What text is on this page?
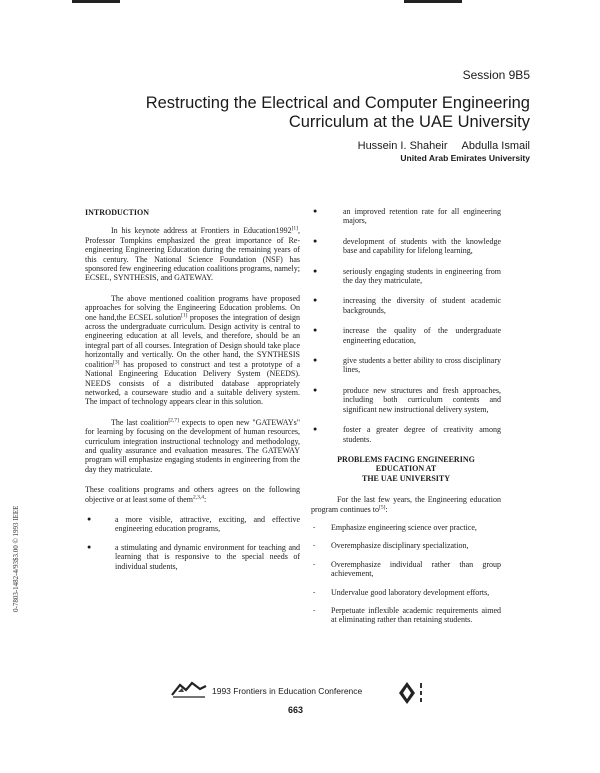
Session 9B5
Restructing the Electrical and Computer Engineering Curriculum at the UAE University
Hussein I. Shaheir Abdulla Ismail
United Arab Emirates University
INTRODUCTION

In his keynote address at Frontiers in Education1992[1], Professor Tompkins emphasized the great importance of Re-engineering Engineering Education during the remaining years of this century. The National Science Foundation (NSF) has sponsored few engineering education coalitions programs, namely; ECSEL, SYNTHESIS, and GATEWAY.

The above mentioned coalition programs have proposed approaches for solving the Engineering Education problems. On one hand,the ECSEL solution[1] proposes the integration of design across the undergraduate curriculum. Design activity is central to engineering education at all levels, and therefore, should be an integral part of all courses. Integration of Design should take place horizontally and vertically. On the other hand, the SYNTHESIS coalition[3] has proposed to construct and test a prototype of a National Engineering Education Delivery System (NEEDS). NEEDS consists of a distributed database appropriately networked, a courseware studio and a suitable delivery system. The impact of technology appears clear in this solution.

The last coalition[2,7] expects to open new "GATEWAYs" for learning by focusing on the development of human resources, curriculum integration instructional technology and methodology, and quality assurance and evaluation measures. The GATEWAY program will emphasize engaging students in engineering from the day they matriculate.

These coalitions programs and others agrees on the following objective or at least some of them$^{2,3,4}$:

●	a more visible, attractive, exciting, and effective engineering education programs,
●	a stimulating and dynamic environment for teaching and learning that is responsive to the special needs of individual students,
●	an improved retention rate for all engineering majors,
●	development of students with the knowledge base and capability for lifelong learning,
●	seriously engaging students in engineering from the day they matriculate,
●	increasing the diversity of student academic backgrounds,
●	increase the quality of the undergraduate engineering education,
●	give students a better ability to cross disciplinary lines,
●	produce new structures and fresh approaches, including both curriculum contents and significant new instructional delivery system,
●	foster a greater degree of creativity among students.
PROBLEMS FACING ENGINEERING
EDUCATION AT
THE UAE UNIVERSITY

For the last few years, the Engineering education program continues to[5]:

- Emphasize engineering science over practice,
- Overemphasize disciplinary specialization,
- Overemphasize individual rather than group achievement,
- Undervalue good laboratory development efforts,
- Perpetuate inflexible academic requirements aimed at eliminating rather than retaining students.
0-7803-1482-4/93$3.00 © 1993 IEEE
1993 Frontiers in Education Conference
663
